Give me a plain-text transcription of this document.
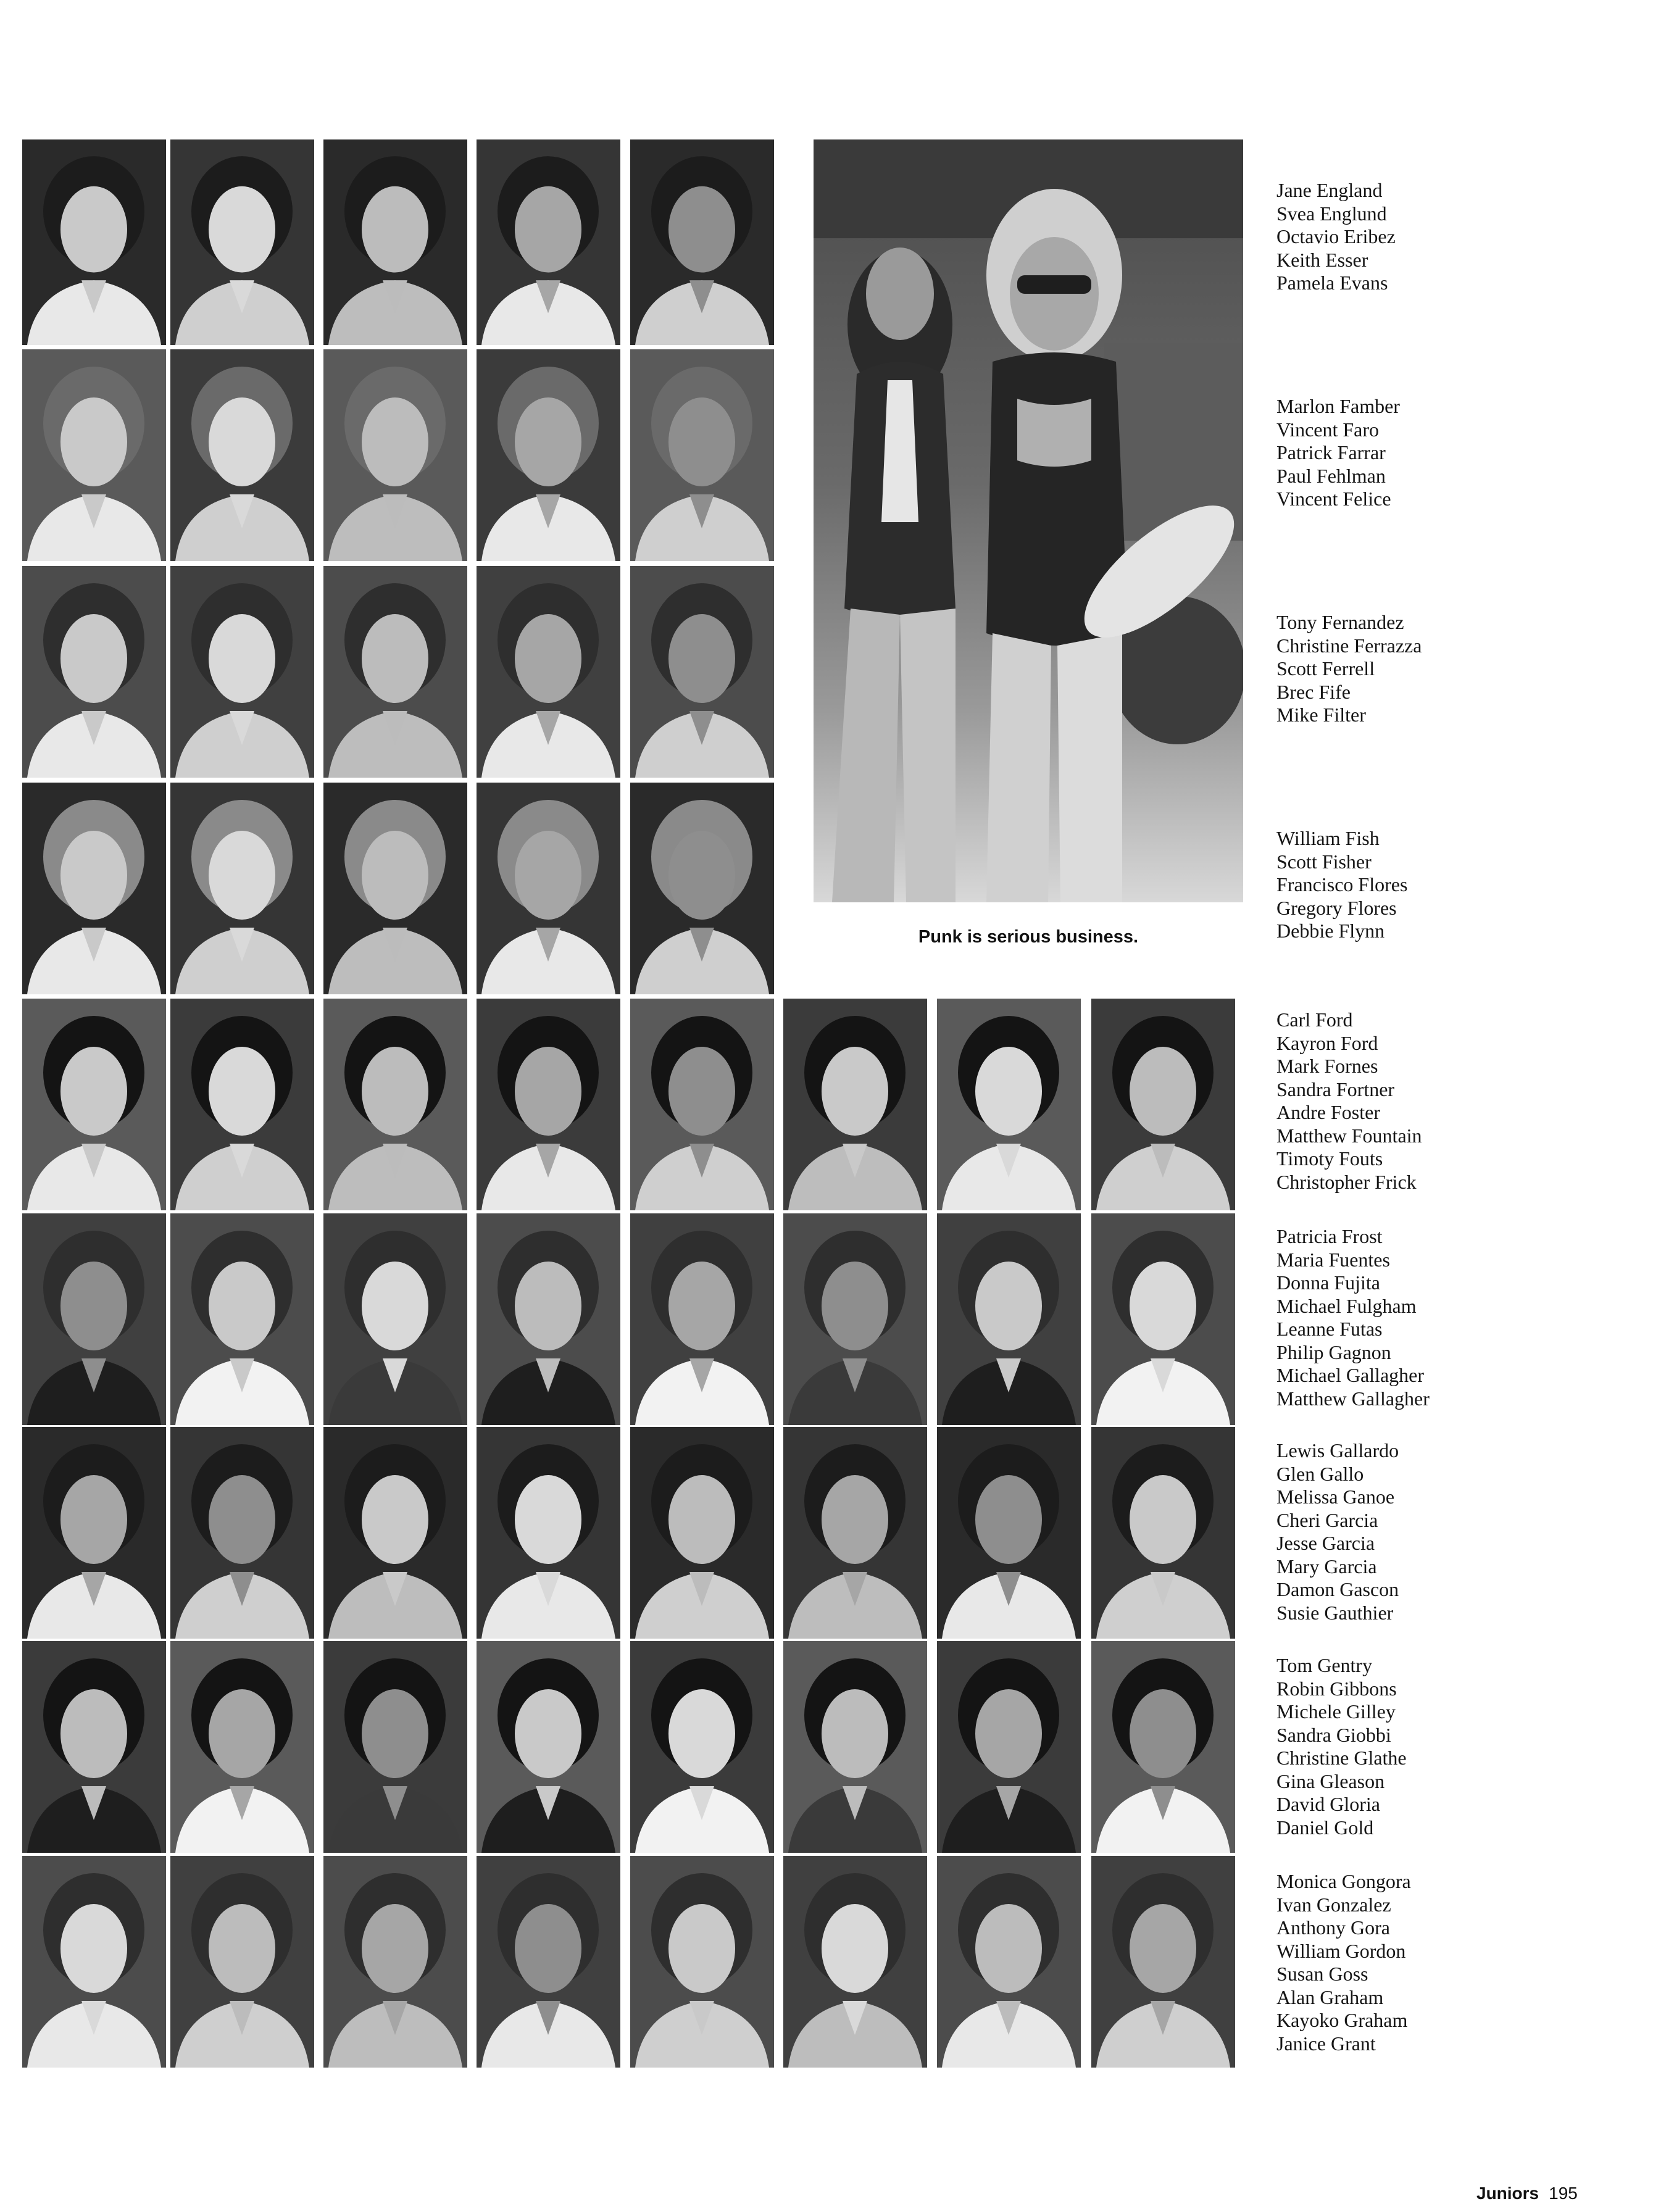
Punk is serious business.
Jane England
Svea Englund
Octavio Eribez
Keith Esser
Pamela Evans
Marlon Famber
Vincent Faro
Patrick Farrar
Paul Fehlman
Vincent Felice
Tony Fernandez
Christine Ferrazza
Scott Ferrell
Brec Fife
Mike Filter
William Fish
Scott Fisher
Francisco Flores
Gregory Flores
Debbie Flynn
Carl Ford
Kayron Ford
Mark Fornes
Sandra Fortner
Andre Foster
Matthew Fountain
Timoty Fouts
Christopher Frick
Patricia Frost
Maria Fuentes
Donna Fujita
Michael Fulgham
Leanne Futas
Philip Gagnon
Michael Gallagher
Matthew Gallagher
Lewis Gallardo
Glen Gallo
Melissa Ganoe
Cheri Garcia
Jesse Garcia
Mary Garcia
Damon Gascon
Susie Gauthier
Tom Gentry
Robin Gibbons
Michele Gilley
Sandra Giobbi
Christine Glathe
Gina Gleason
David Gloria
Daniel Gold
Monica Gongora
Ivan Gonzalez
Anthony Gora
William Gordon
Susan Goss
Alan Graham
Kayoko Graham
Janice Grant
Juniors 195
